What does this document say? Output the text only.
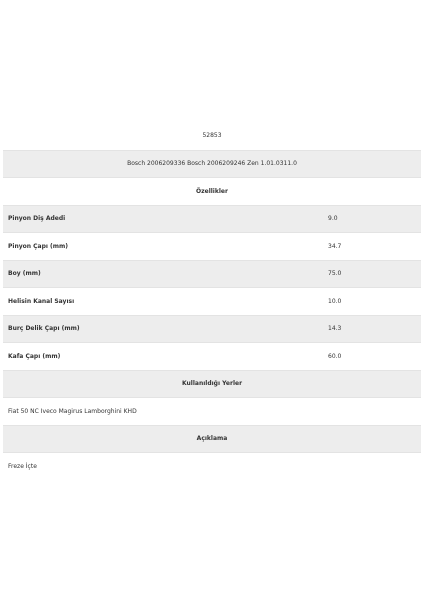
52853
Bosch 2006209336 Bosch 2006209246 Zen 1.01.0311.0
Özellikler
Pinyon Diş Adedi	9.0
Pinyon Çapı (mm)	34.7
Boy (mm)	75.0
Helisin Kanal Sayısı	10.0
Burç Delik Çapı (mm)	14.3
Kafa Çapı (mm)	60.0
Kullanıldığı Yerler
Fiat 50 NC Iveco Magirus Lamborghini KHD
Açıklama
Freze İçte
